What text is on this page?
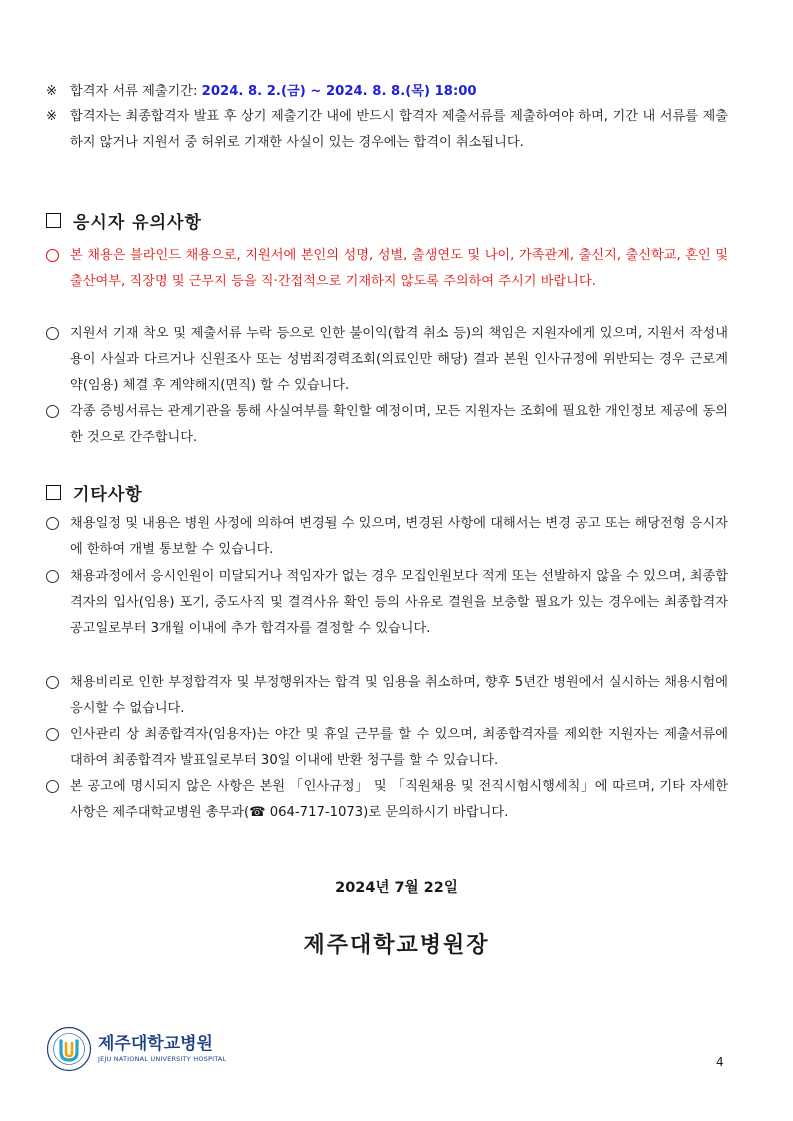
※ 합격자 서류 제출기간: 2024. 8. 2.(금) ~ 2024. 8. 8.(목) 18:00
※ 합격자는 최종합격자 발표 후 상기 제출기간 내에 반드시 합격자 제출서류를 제출하여야 하며, 기간 내 서류를 제출하지 않거나 지원서 중 허위로 기재한 사실이 있는 경우에는 합격이 취소됩니다.
응시자 유의사항
본 채용은 블라인드 채용으로, 지원서에 본인의 성명, 성별, 출생연도 및 나이, 가족관계, 출신지, 출신학교, 혼인 및 출산여부, 직장명 및 근무지 등을 직·간접적으로 기재하지 않도록 주의하여 주시기 바랍니다.
지원서 기재 착오 및 제출서류 누락 등으로 인한 불이익(합격 취소 등)의 책임은 지원자에게 있으며, 지원서 작성내용이 사실과 다르거나 신원조사 또는 성범죄경력조회(의료인만 해당) 결과 본원 인사규정에 위반되는 경우 근로계약(임용) 체결 후 계약해지(면직) 할 수 있습니다.
각종 증빙서류는 관계기관을 통해 사실여부를 확인할 예정이며, 모든 지원자는 조회에 필요한 개인정보 제공에 동의한 것으로 간주합니다.
기타사항
채용일정 및 내용은 병원 사정에 의하여 변경될 수 있으며, 변경된 사항에 대해서는 변경 공고 또는 해당전형 응시자에 한하여 개별 통보할 수 있습니다.
채용과정에서 응시인원이 미달되거나 적임자가 없는 경우 모집인원보다 적게 또는 선발하지 않을 수 있으며, 최종합격자의 입사(임용) 포기, 중도사직 및 결격사유 확인 등의 사유로 결원을 보충할 필요가 있는 경우에는 최종합격자 공고일로부터 3개월 이내에 추가 합격자를 결정할 수 있습니다.
채용비리로 인한 부정합격자 및 부정행위자는 합격 및 임용을 취소하며, 향후 5년간 병원에서 실시하는 채용시험에 응시할 수 없습니다.
인사관리 상 최종합격자(임용자)는 야간 및 휴일 근무를 할 수 있으며, 최종합격자를 제외한 지원자는 제출서류에 대하여 최종합격자 발표일로부터 30일 이내에 반환 청구를 할 수 있습니다.
본 공고에 명시되지 않은 사항은 본원 「인사규정」 및 「직원채용 및 전직시험시행세칙」에 따르며, 기타 자세한 사항은 제주대학교병원 총무과(☎ 064-717-1073)로 문의하시기 바랍니다.
2024년 7월 22일
제주대학교병원장
제주대학교병원
JEJU NATIONAL UNIVERSITY HOSPITAL	4
